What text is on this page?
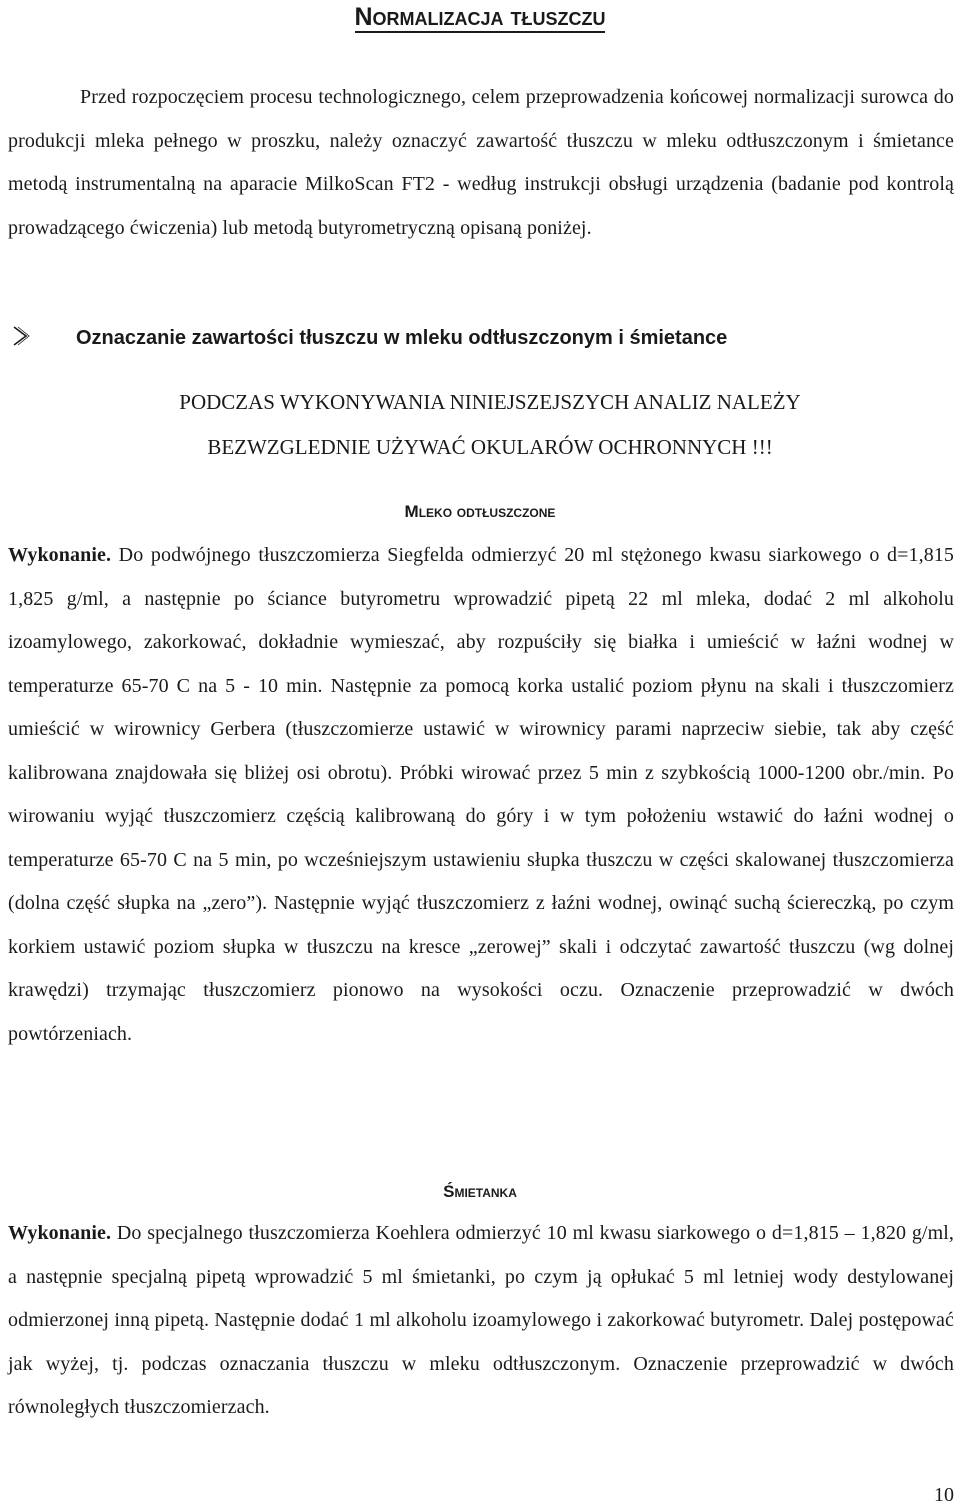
Normalizacja tłuszczu

Przed rozpoczęciem procesu technologicznego, celem przeprowadzenia końcowej normalizacji surowca do produkcji mleka pełnego w proszku, należy oznaczyć zawartość tłuszczu w mleku odtłuszczonym i śmietance metodą instrumentalną na aparacie MilkoScan FT2 - według instrukcji obsługi urządzenia (badanie pod kontrolą prowadzącego ćwiczenia) lub metodą butyrometryczną opisaną poniżej.

Oznaczanie zawartości tłuszczu w mleku odtłuszczonym i śmietance
PODCZAS WYKONYWANIA NINIEJSZEJSZYCH ANALIZ NALEŻY
BEZWZGLEDNIE UŻYWAĆ OKULARÓW OCHRONNYCH !!!
Mleko odtłuszczone

Wykonanie. Do podwójnego tłuszczomierza Siegfelda odmierzyć 20 ml stężonego kwasu siarkowego o d=1,815 1,825 g/ml, a następnie po ściance butyrometru wprowadzić pipetą 22 ml mleka, dodać 2 ml alkoholu izoamylowego, zakorkować, dokładnie wymieszać, aby rozpuściły się białka i umieścić w łaźni wodnej w temperaturze 65-70 C na 5 - 10 min. Następnie za pomocą korka ustalić poziom płynu na skali i tłuszczomierz umieścić w wirownicy Gerbera (tłuszczomierze ustawić w wirownicy parami naprzeciw siebie, tak aby część kalibrowana znajdowała się bliżej osi obrotu). Próbki wirować przez 5 min z szybkością 1000-1200 obr./min. Po wirowaniu wyjąć tłuszczomierz częścią kalibrowaną do góry i w tym położeniu wstawić do łaźni wodnej o temperaturze 65-70 C na 5 min, po wcześniejszym ustawieniu słupka tłuszczu w części skalowanej tłuszczomierza (dolna część słupka na „zero”). Następnie wyjąć tłuszczomierz z łaźni wodnej, owinąć suchą ściereczką, po czym korkiem ustawić poziom słupka w tłuszczu na kresce „zerowej” skali i odczytać zawartość tłuszczu (wg dolnej krawędzi) trzymając tłuszczomierz pionowo na wysokości oczu. Oznaczenie przeprowadzić w dwóch powtórzeniach.

Śmietanka

Wykonanie. Do specjalnego tłuszczomierza Koehlera odmierzyć 10 ml kwasu siarkowego o d=1,815 – 1,820 g/ml, a następnie specjalną pipetą wprowadzić 5 ml śmietanki, po czym ją opłukać 5 ml letniej wody destylowanej odmierzonej inną pipetą. Następnie dodać 1 ml alkoholu izoamylowego i zakorkować butyrometr. Dalej postępować jak wyżej, tj. podczas oznaczania tłuszczu w mleku odtłuszczonym. Oznaczenie przeprowadzić w dwóch równoległych tłuszczomierzach.

10
